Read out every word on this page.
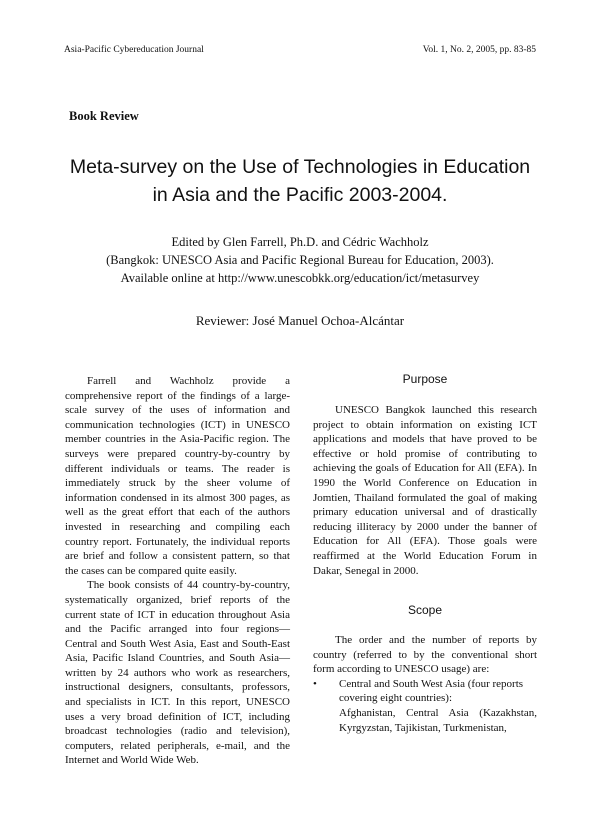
Asia-Pacific Cybereducation Journal	Vol. 1, No. 2, 2005, pp. 83-85
Book Review
Meta-survey on the Use of Technologies in Education
in Asia and the Pacific 2003-2004.
Edited by Glen Farrell, Ph.D. and Cédric Wachholz
(Bangkok: UNESCO Asia and Pacific Regional Bureau for Education, 2003).
Available online at http://www.unescobkk.org/education/ict/metasurvey
Reviewer: José Manuel Ochoa-Alcántar

Farrell and Wachholz provide a comprehensive report of the findings of a large-scale survey of the uses of information and communication technologies (ICT) in UNESCO member countries in the Asia-Pacific region. The surveys were prepared country-by-country by different individuals or teams. The reader is immediately struck by the sheer volume of information condensed in its almost 300 pages, as well as the great effort that each of the authors invested in researching and compiling each country report. Fortunately, the individual reports are brief and follow a consistent pattern, so that the cases can be compared quite easily.

The book consists of 44 country-by-country, systematically organized, brief reports of the current state of ICT in education throughout Asia and the Pacific arranged into four regions—Central and South West Asia, East and South-East Asia, Pacific Island Countries, and South Asia—written by 24 authors who work as researchers, instructional designers, consultants, professors, and specialists in ICT. In this report, UNESCO uses a very broad definition of ICT, including broadcast technologies (radio and television), computers, related peripherals, e-mail, and the Internet and World Wide Web.

Purpose

UNESCO Bangkok launched this research project to obtain information on existing ICT applications and models that have proved to be effective or hold promise of contributing to achieving the goals of Education for All (EFA). In 1990 the World Conference on Education in Jomtien, Thailand formulated the goal of making primary education universal and of drastically reducing illiteracy by 2000 under the banner of Education for All (EFA). Those goals were reaffirmed at the World Education Forum in Dakar, Senegal in 2000.

Scope

The order and the number of reports by country (referred to by the conventional short form according to UNESCO usage) are:

• Central and South West Asia (four reports covering eight countries):

Afghanistan, Central Asia (Kazakhstan, Kyrgyzstan, Tajikistan, Turkmenistan,
